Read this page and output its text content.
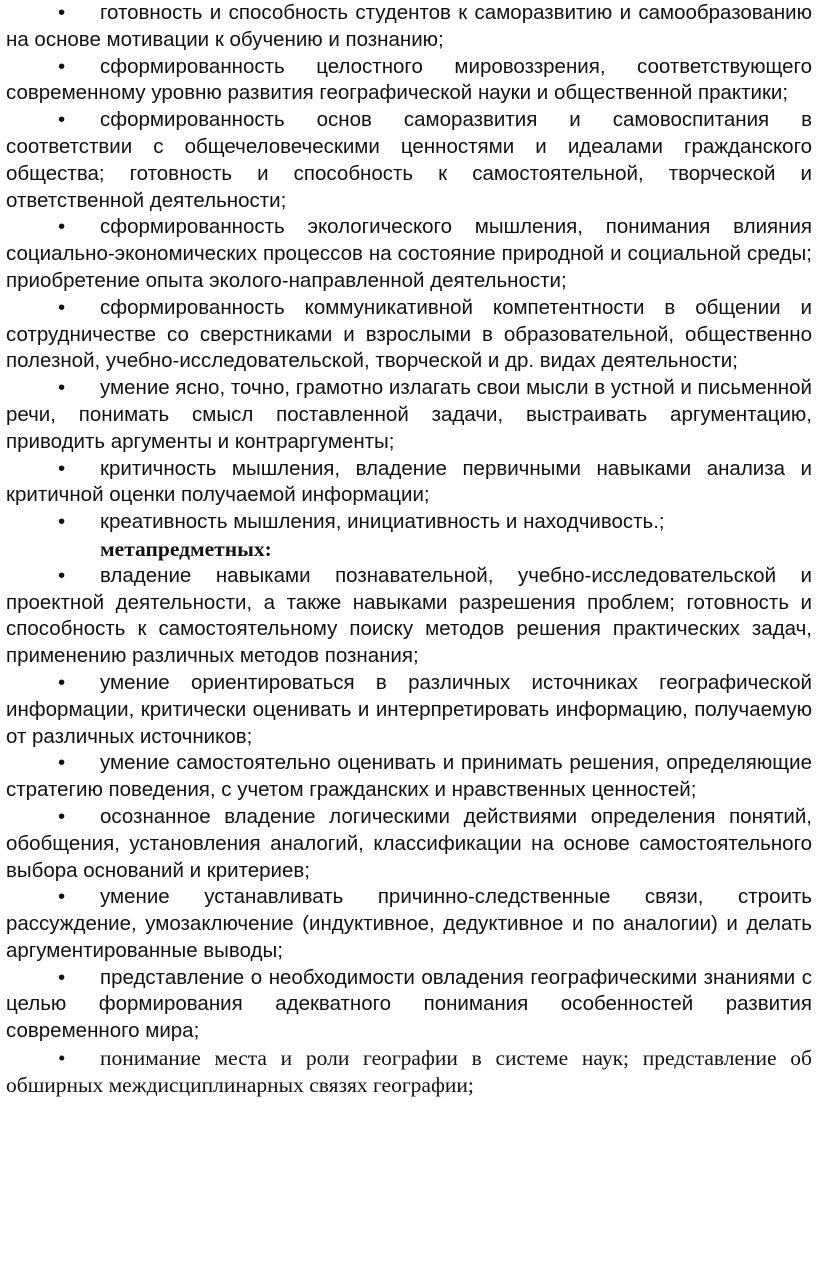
• готовность и способность студентов к саморазвитию и самообразованию на основе мотивации к обучению и познанию;

• сформированность целостного мировоззрения, соответствующего современному уровню развития географической науки и общественной практики;

• сформированность основ саморазвития и самовоспитания в соответствии с общечеловеческими ценностями и идеалами гражданского общества; готовность и способность к самостоятельной, творческой и ответственной деятельности;

• сформированность экологического мышления, понимания влияния социально-экономических процессов на состояние природной и социальной среды; приобретение опыта эколого-направленной деятельности;

• сформированность коммуникативной компетентности в общении и сотрудничестве со сверстниками и взрослыми в образовательной, общественно полезной, учебно-исследовательской, творческой и др. видах деятельности;

• умение ясно, точно, грамотно излагать свои мысли в устной и письменной речи, понимать смысл поставленной задачи, выстраивать аргументацию, приводить аргументы и контраргументы;

• критичность мышления, владение первичными навыками анализа и критичной оценки получаемой информации;

• креативность мышления, инициативность и находчивость.;

метапредметных:

• владение навыками познавательной, учебно-исследовательской и проектной деятельности, а также навыками разрешения проблем; готовность и способность к самостоятельному поиску методов решения практических задач, применению различных методов познания;

• умение ориентироваться в различных источниках географической информации, критически оценивать и интерпретировать информацию, получаемую от различных источников;

• умение самостоятельно оценивать и принимать решения, определяющие стратегию поведения, с учетом гражданских и нравственных ценностей;

• осознанное владение логическими действиями определения понятий, обобщения, установления аналогий, классификации на основе самостоятельного выбора оснований и критериев;

• умение устанавливать причинно-следственные связи, строить рассуждение, умозаключение (индуктивное, дедуктивное и по аналогии) и делать аргументированные выводы;

• представление о необходимости овладения географическими знаниями с целью формирования адекватного понимания особенностей развития современного мира;

• понимание места и роли географии в системе наук; представление об обширных междисциплинарных связях географии;
